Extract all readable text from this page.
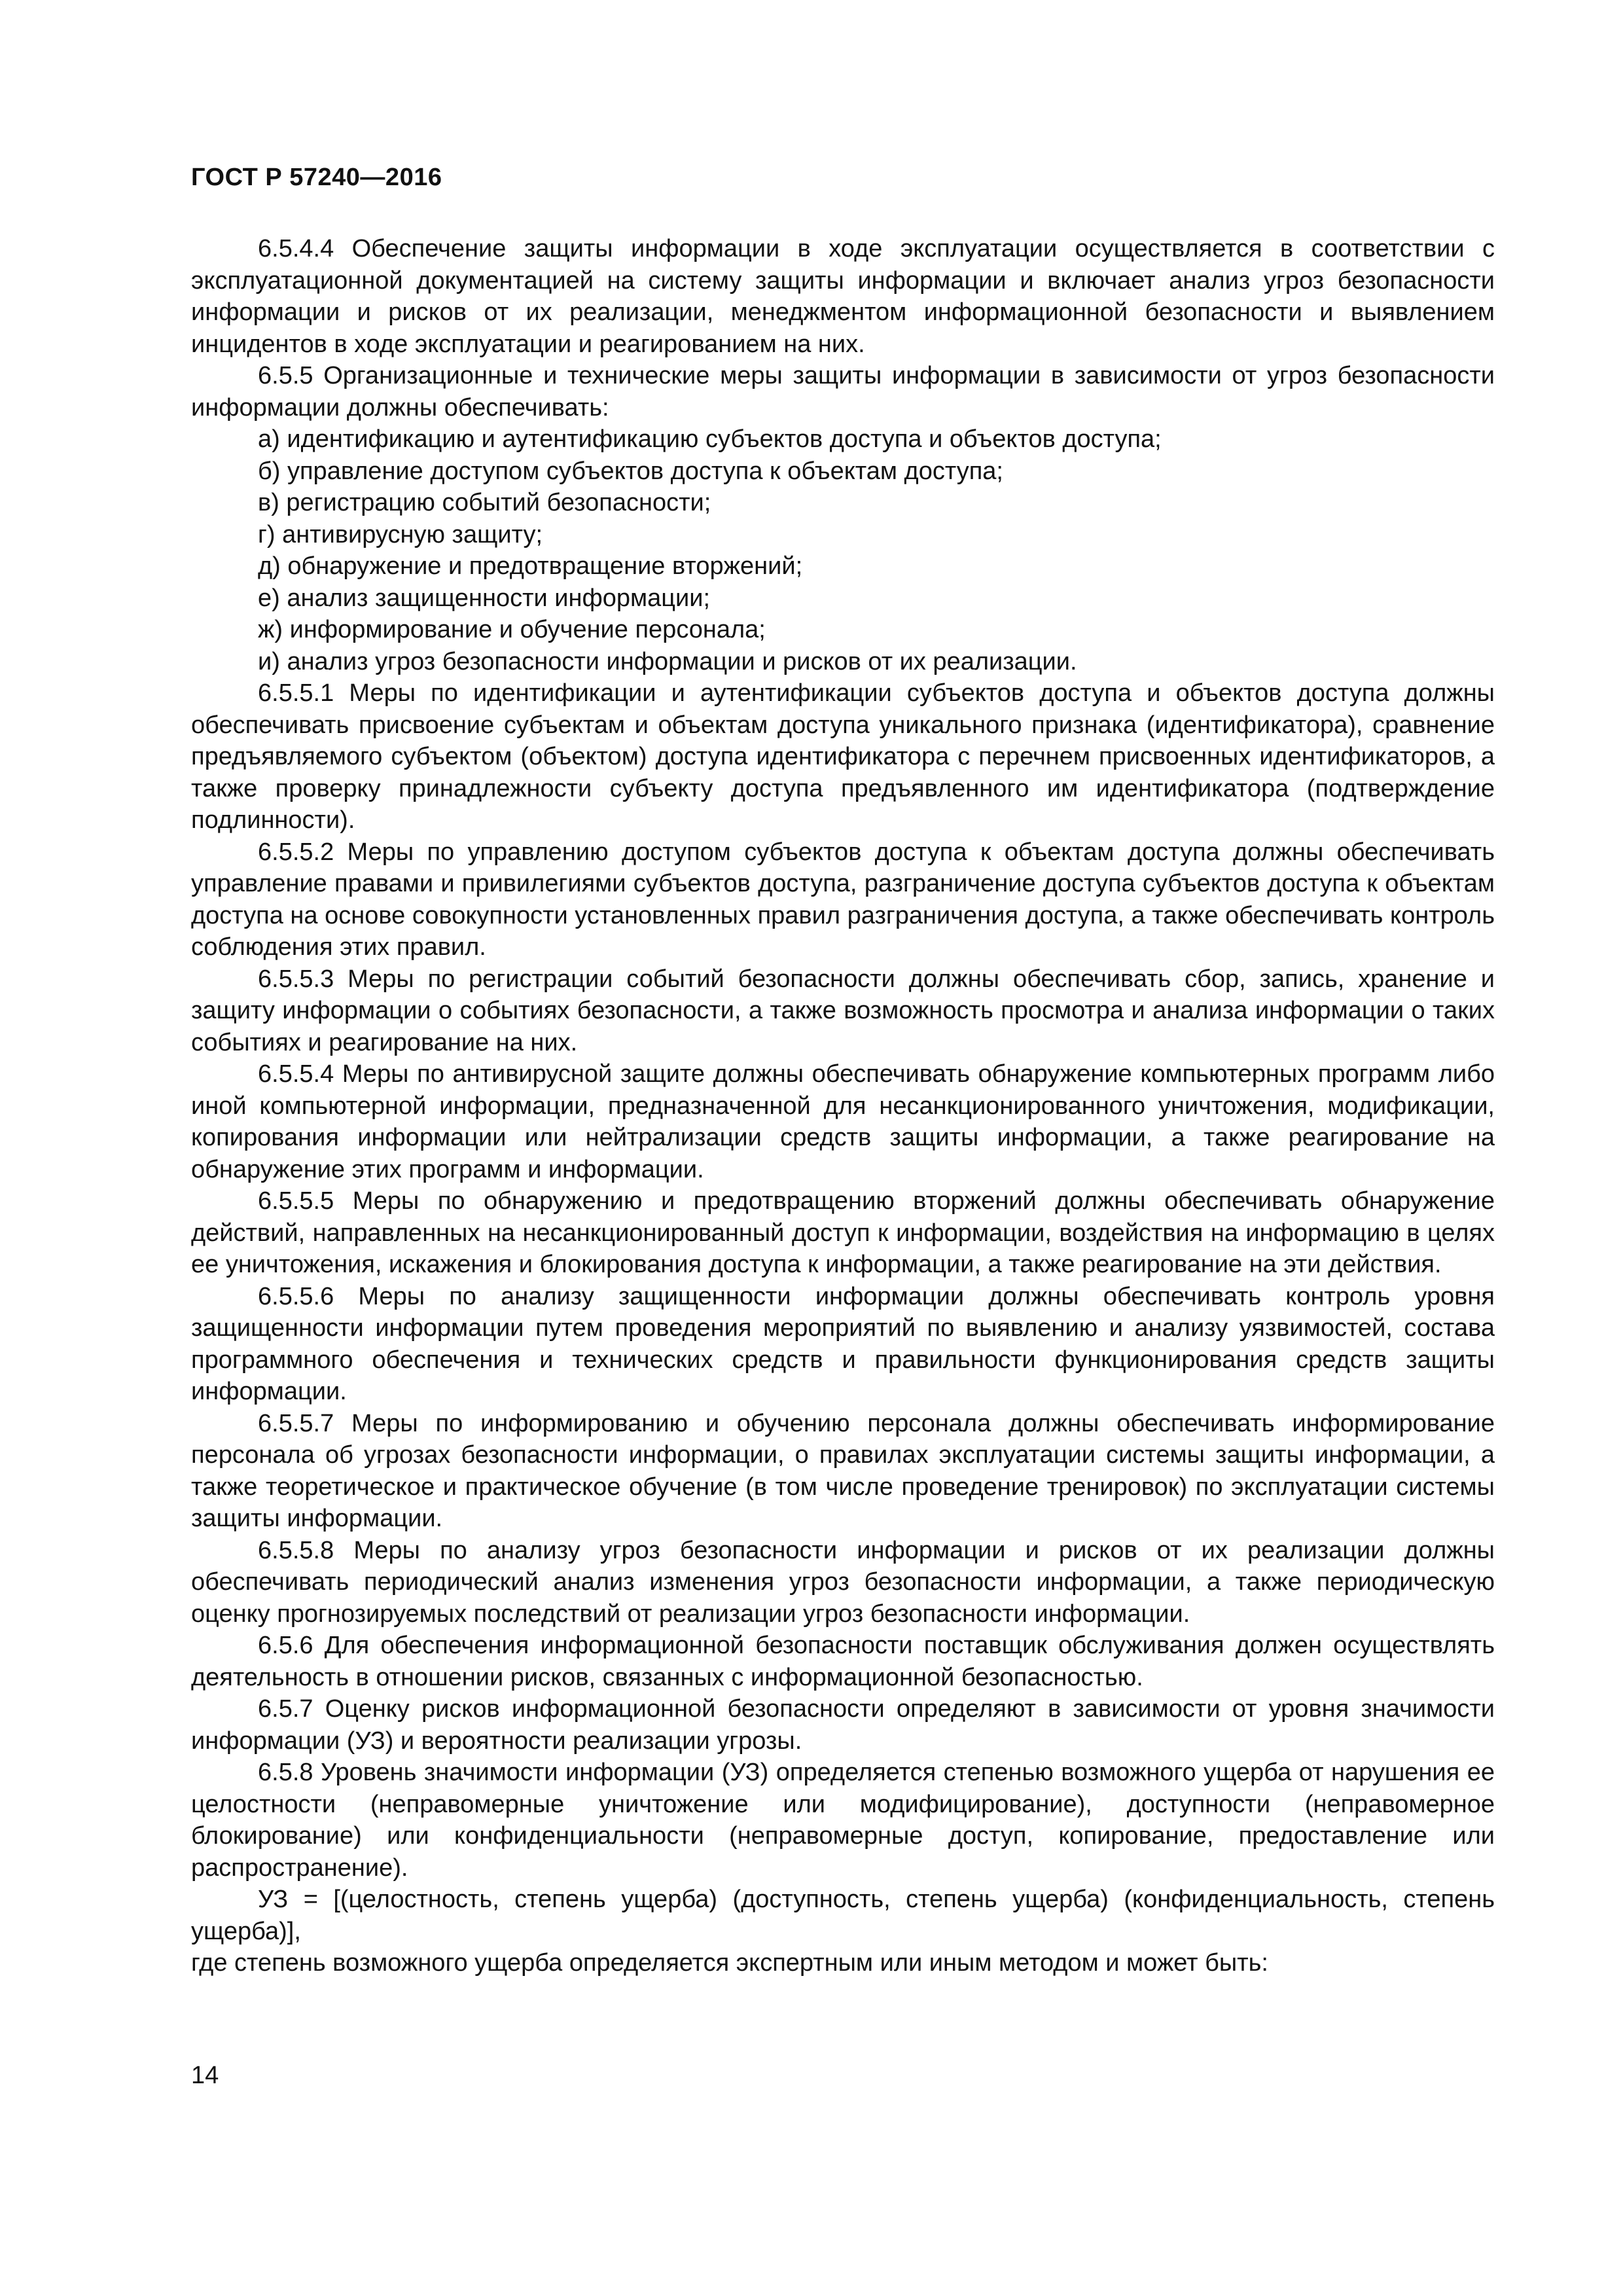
ГОСТ Р 57240—2016

6.5.4.4 Обеспечение защиты информации в ходе эксплуатации осуществляется в соответствии с эксплуатационной документацией на систему защиты информации и включает анализ угроз безопасности информации и рисков от их реализации, менеджментом информационной безопасности и выявлением инцидентов в ходе эксплуатации и реагированием на них.

6.5.5 Организационные и технические меры защиты информации в зависимости от угроз безопасности информации должны обеспечивать:

а) идентификацию и аутентификацию субъектов доступа и объектов доступа;

б) управление доступом субъектов доступа к объектам доступа;

в) регистрацию событий безопасности;

г) антивирусную защиту;

д) обнаружение и предотвращение вторжений;

е) анализ защищенности информации;

ж) информирование и обучение персонала;

и) анализ угроз безопасности информации и рисков от их реализации.

6.5.5.1 Меры по идентификации и аутентификации субъектов доступа и объектов доступа должны обеспечивать присвоение субъектам и объектам доступа уникального признака (идентификатора), сравнение предъявляемого субъектом (объектом) доступа идентификатора с перечнем присвоенных идентификаторов, а также проверку принадлежности субъекту доступа предъявленного им идентификатора (подтверждение подлинности).

6.5.5.2 Меры по управлению доступом субъектов доступа к объектам доступа должны обеспечивать управление правами и привилегиями субъектов доступа, разграничение доступа субъектов доступа к объектам доступа на основе совокупности установленных правил разграничения доступа, а также обеспечивать контроль соблюдения этих правил.

6.5.5.3 Меры по регистрации событий безопасности должны обеспечивать сбор, запись, хранение и защиту информации о событиях безопасности, а также возможность просмотра и анализа информации о таких событиях и реагирование на них.

6.5.5.4 Меры по антивирусной защите должны обеспечивать обнаружение компьютерных программ либо иной компьютерной информации, предназначенной для несанкционированного уничтожения, модификации, копирования информации или нейтрализации средств защиты информации, а также реагирование на обнаружение этих программ и информации.

6.5.5.5 Меры по обнаружению и предотвращению вторжений должны обеспечивать обнаружение действий, направленных на несанкционированный доступ к информации, воздействия на информацию в целях ее уничтожения, искажения и блокирования доступа к информации, а также реагирование на эти действия.

6.5.5.6 Меры по анализу защищенности информации должны обеспечивать контроль уровня защищенности информации путем проведения мероприятий по выявлению и анализу уязвимостей, состава программного обеспечения и технических средств и правильности функционирования средств защиты информации.

6.5.5.7 Меры по информированию и обучению персонала должны обеспечивать информирование персонала об угрозах безопасности информации, о правилах эксплуатации системы защиты информации, а также теоретическое и практическое обучение (в том числе проведение тренировок) по эксплуатации системы защиты информации.

6.5.5.8 Меры по анализу угроз безопасности информации и рисков от их реализации должны обеспечивать периодический анализ изменения угроз безопасности информации, а также периодическую оценку прогнозируемых последствий от реализации угроз безопасности информации.

6.5.6 Для обеспечения информационной безопасности поставщик обслуживания должен осуществлять деятельность в отношении рисков, связанных с информационной безопасностью.

6.5.7 Оценку рисков информационной безопасности определяют в зависимости от уровня значимости информации (УЗ) и вероятности реализации угрозы.

6.5.8 Уровень значимости информации (УЗ) определяется степенью возможного ущерба от нарушения ее целостности (неправомерные уничтожение или модифицирование), доступности (неправомерное блокирование) или конфиденциальности (неправомерные доступ, копирование, предоставление или распространение).

УЗ = [(целостность, степень ущерба) (доступность, степень ущерба) (конфиденциальность, степень ущерба)],

где степень возможного ущерба определяется экспертным или иным методом и может быть:

14
